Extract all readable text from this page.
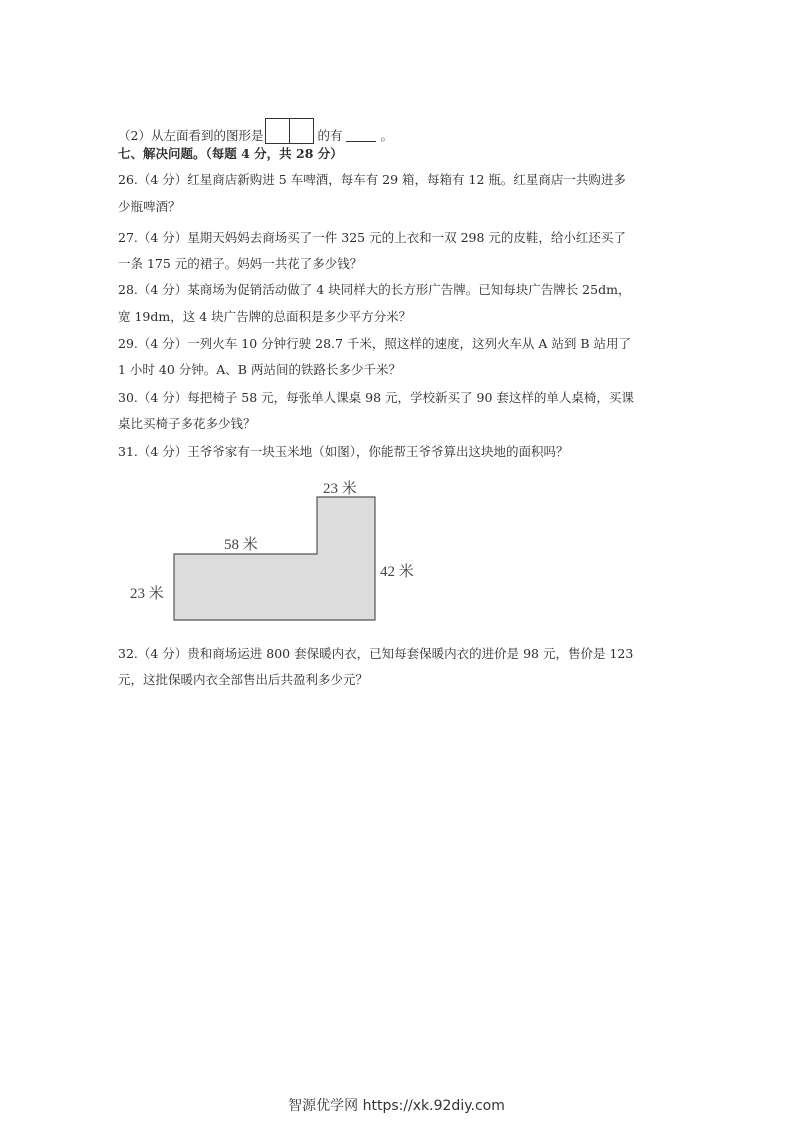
（2）从左面看到的图形是	的有	。
七、解决问题。（每题 4 分，共 28 分）
26.（4 分）红星商店新购进 5 车啤酒，每车有 29 箱，每箱有 12 瓶。红星商店一共购进多
少瓶啤酒？
27.（4 分）星期天妈妈去商场买了一件 325 元的上衣和一双 298 元的皮鞋，给小红还买了
一条 175 元的裙子。妈妈一共花了多少钱？
28.（4 分）某商场为促销活动做了 4 块同样大的长方形广告牌。已知每块广告牌长 25dm，
宽 19dm，这 4 块广告牌的总面积是多少平方分米？
29.（4 分）一列火车 10 分钟行驶 28.7 千米，照这样的速度，这列火车从 A 站到 B 站用了
1 小时 40 分钟。A、B 两站间的铁路长多少千米？
30.（4 分）每把椅子 58 元，每张单人课桌 98 元，学校新买了 90 套这样的单人桌椅，买课
桌比买椅子多花多少钱？
31.（4 分）王爷爷家有一块玉米地（如图），你能帮王爷爷算出这块地的面积吗？
23 米
58 米
42 米
23 米
32.（4 分）贵和商场运进 800 套保暖内衣，已知每套保暖内衣的进价是 98 元，售价是 123
元，这批保暖内衣全部售出后共盈利多少元？
智源优学网 https://xk.92diy.com
